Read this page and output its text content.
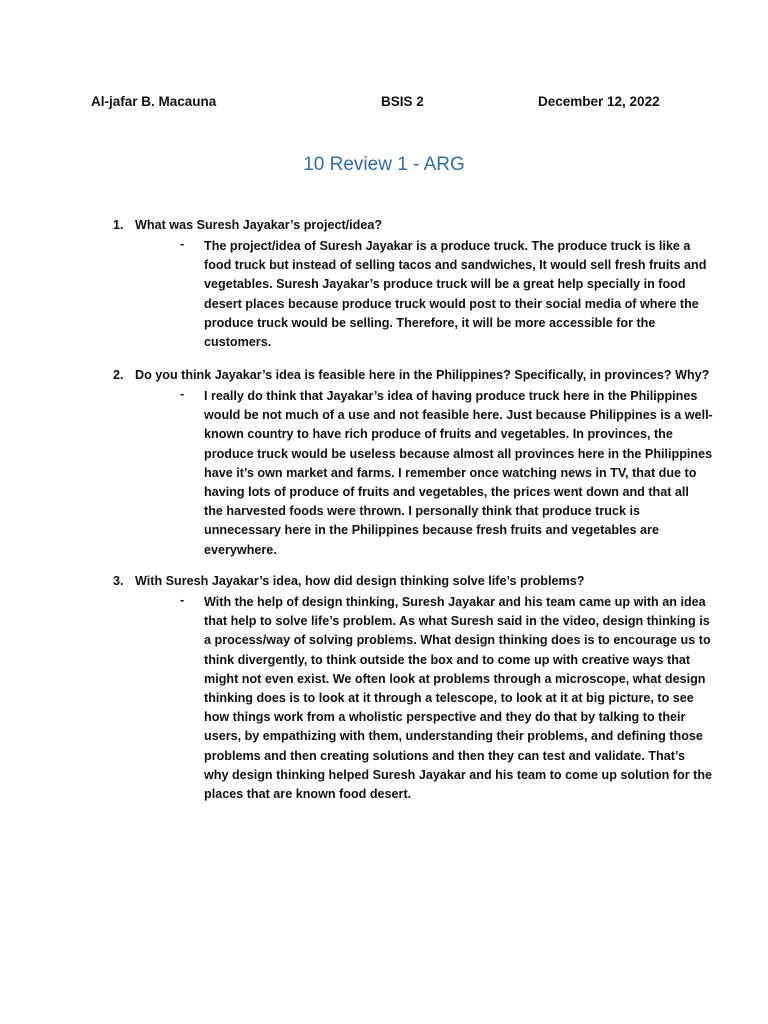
Al-jafar B. Macauna	BSIS 2	December 12, 2022
10 Review 1 - ARG
1. What was Suresh Jayakar’s project/idea?
- The project/idea of Suresh Jayakar is a produce truck. The produce truck is like a
food truck but instead of selling tacos and sandwiches, It would sell fresh fruits and
vegetables. Suresh Jayakar’s produce truck will be a great help specially in food
desert places because produce truck would post to their social media of where the
produce truck would be selling. Therefore, it will be more accessible for the
customers.
2. Do you think Jayakar’s idea is feasible here in the Philippines? Specifically, in provinces? Why?
- I really do think that Jayakar’s idea of having produce truck here in the Philippines
would be not much of a use and not feasible here. Just because Philippines is a well-
known country to have rich produce of fruits and vegetables. In provinces, the
produce truck would be useless because almost all provinces here in the Philippines
have it’s own market and farms. I remember once watching news in TV, that due to
having lots of produce of fruits and vegetables, the prices went down and that all
the harvested foods were thrown. I personally think that produce truck is
unnecessary here in the Philippines because fresh fruits and vegetables are
everywhere.
3. With Suresh Jayakar’s idea, how did design thinking solve life’s problems?
- With the help of design thinking, Suresh Jayakar and his team came up with an idea
that help to solve life’s problem. As what Suresh said in the video, design thinking is
a process/way of solving problems. What design thinking does is to encourage us to
think divergently, to think outside the box and to come up with creative ways that
might not even exist. We often look at problems through a microscope, what design
thinking does is to look at it through a telescope, to look at it at big picture, to see
how things work from a wholistic perspective and they do that by talking to their
users, by empathizing with them, understanding their problems, and defining those
problems and then creating solutions and then they can test and validate. That’s
why design thinking helped Suresh Jayakar and his team to come up solution for the
places that are known food desert.
